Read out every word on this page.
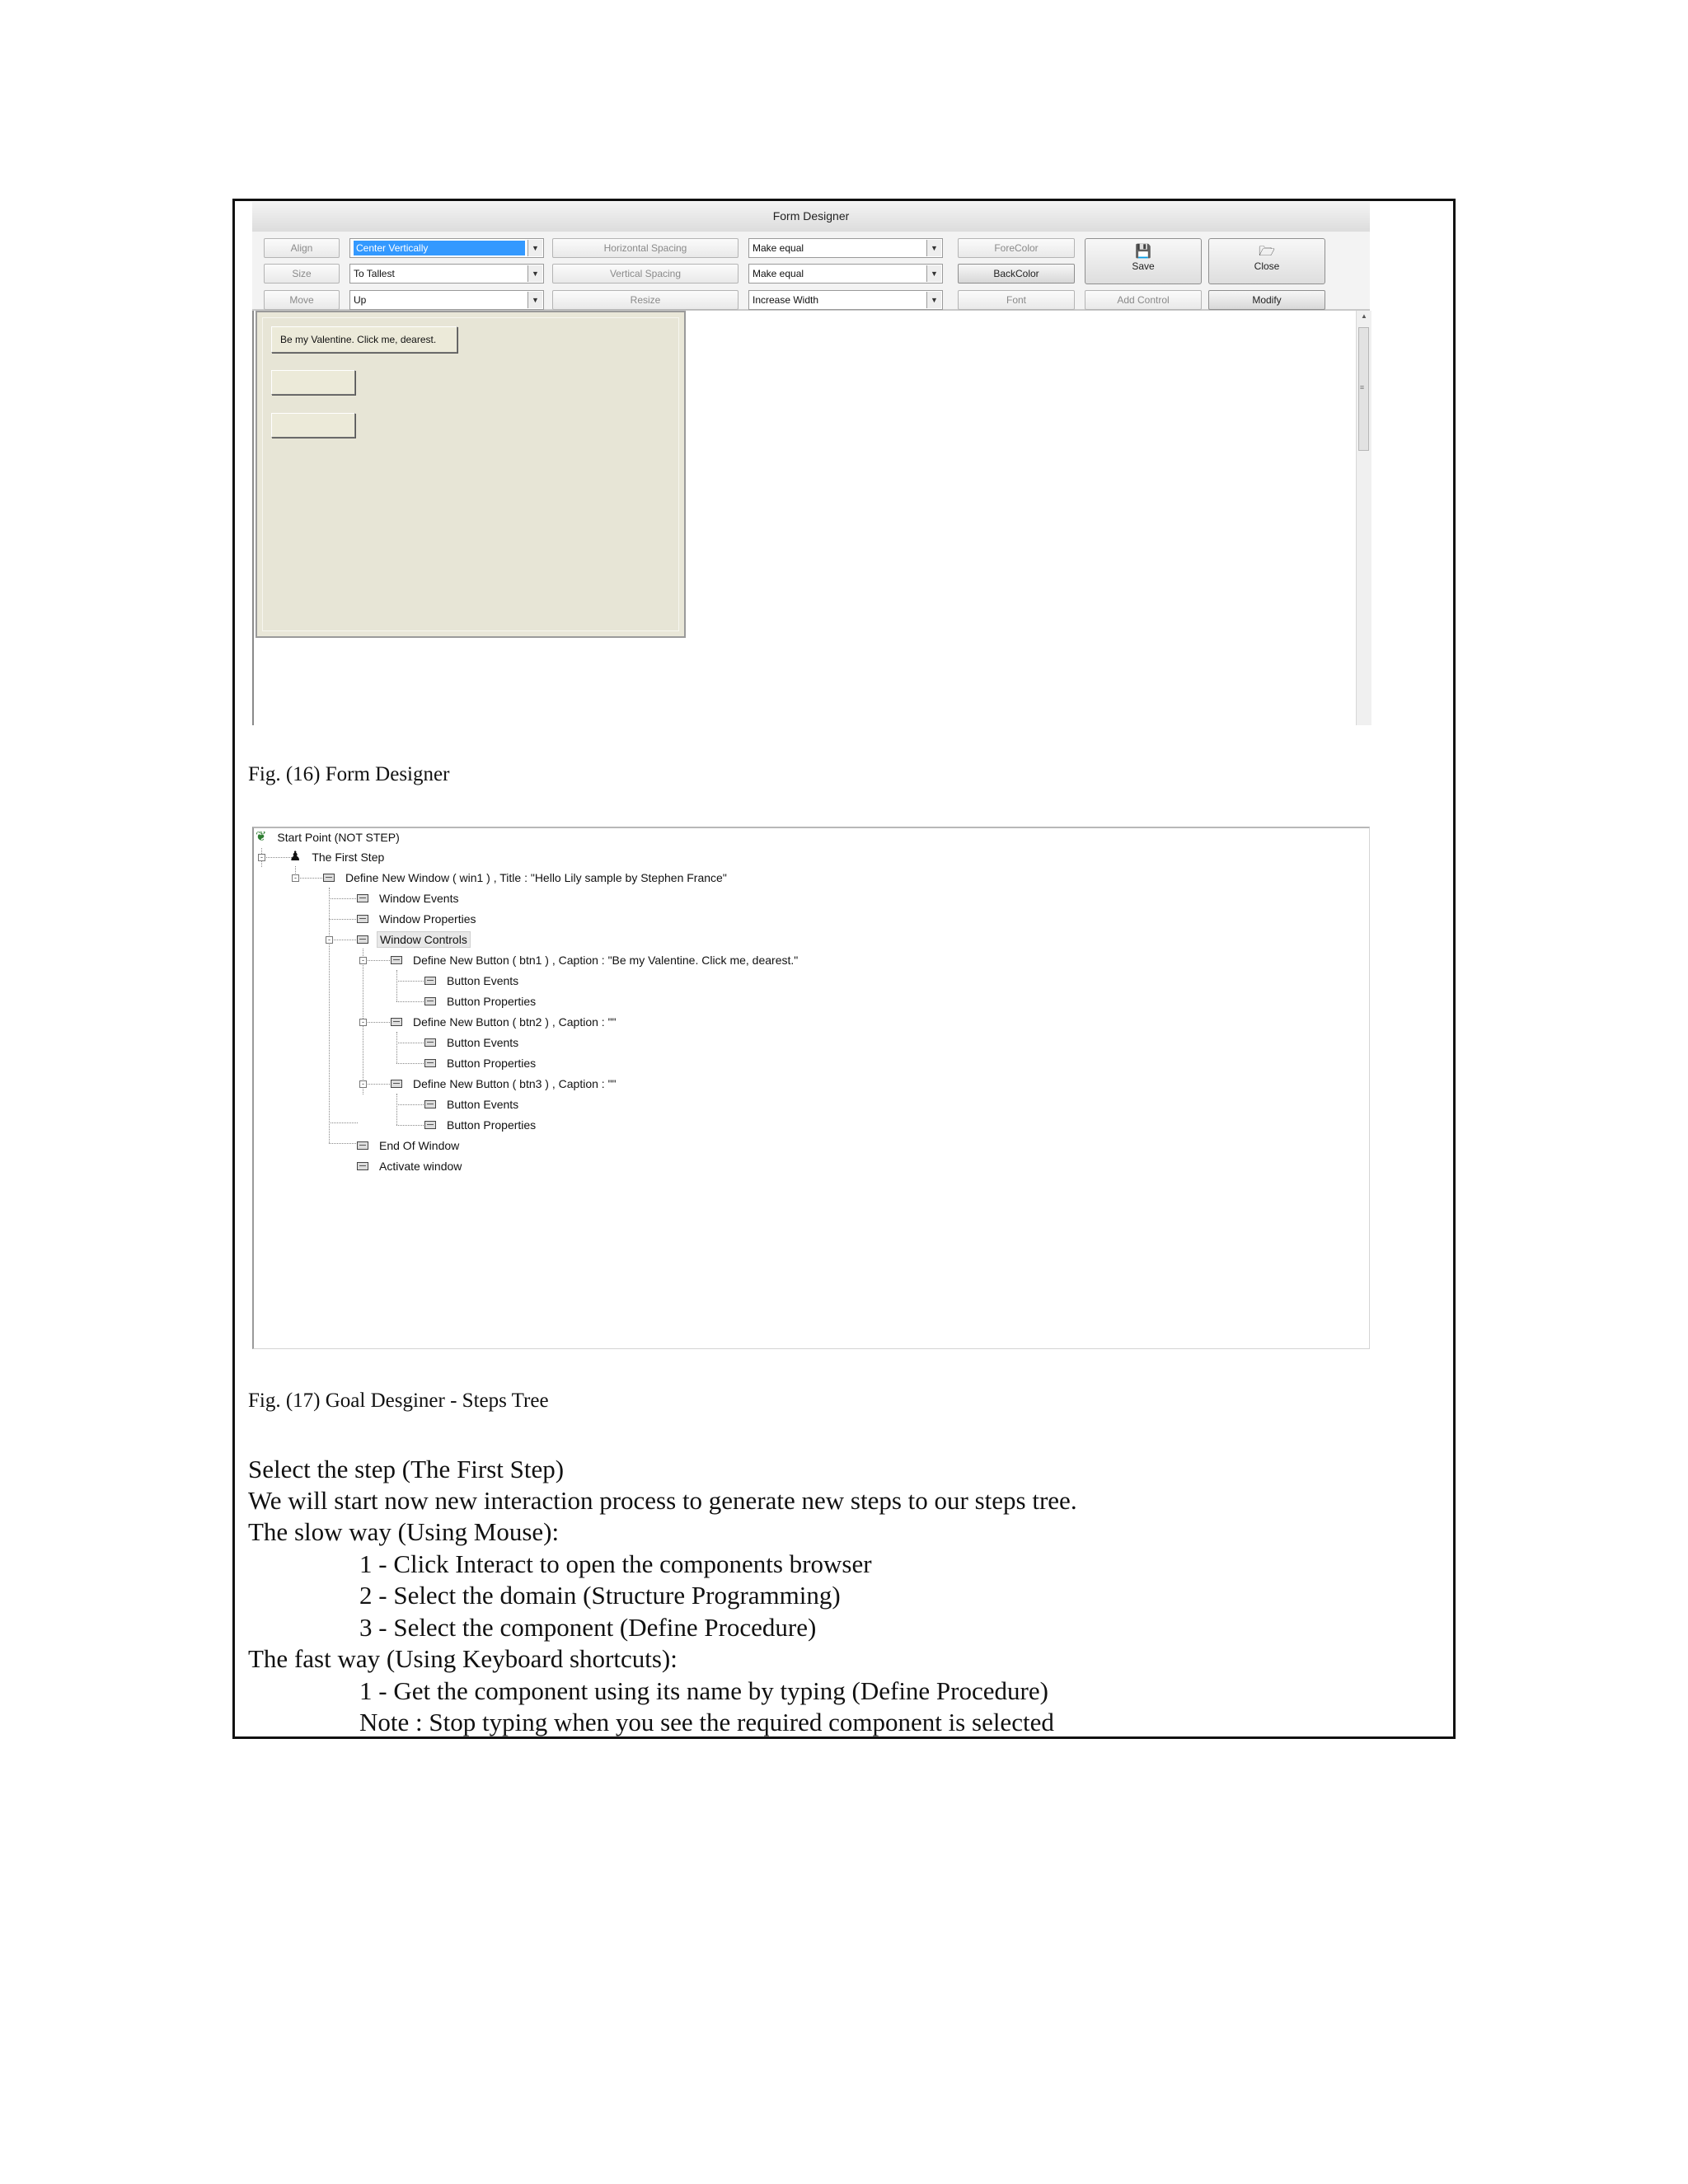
Form Designer
Align
Size
Move
Center Vertically	▼
To Tallest	▼
Up	▼
Horizontal Spacing
Vertical Spacing
Resize
Make equal	▼
Make equal	▼
Increase Width	▼
ForeColor
BackColor
Font
💾
Save
🗁
Close
Add Control	Modify
Be my Valentine. Click me, dearest.
▲
≡
Fig. (16) Form Designer
-
-
-
-
-
-
❦ Start Point (NOT STEP)
♟ The First Step
Define New Window ( win1 ) , Title : "Hello Lily sample by Stephen France"
Window Events
Window Properties
Window Controls
Define New Button ( btn1 ) , Caption : "Be my Valentine. Click me, dearest."
Button Events
Button Properties
Define New Button ( btn2 ) , Caption : ""
Button Events
Button Properties
Define New Button ( btn3 ) , Caption : ""
Button Events
Button Properties
End Of Window
Activate window
Fig. (17) Goal Desginer - Steps Tree
Select the step (The First Step)
We will start now new interaction process to generate new steps to our steps tree.
The slow way (Using Mouse):
1 - Click Interact to open the components browser
2 - Select the domain (Structure Programming)
3 - Select the component (Define Procedure)
The fast way (Using Keyboard shortcuts):
1 - Get the component using its name by typing (Define Procedure)
Note : Stop typing when you see the required component is selected
